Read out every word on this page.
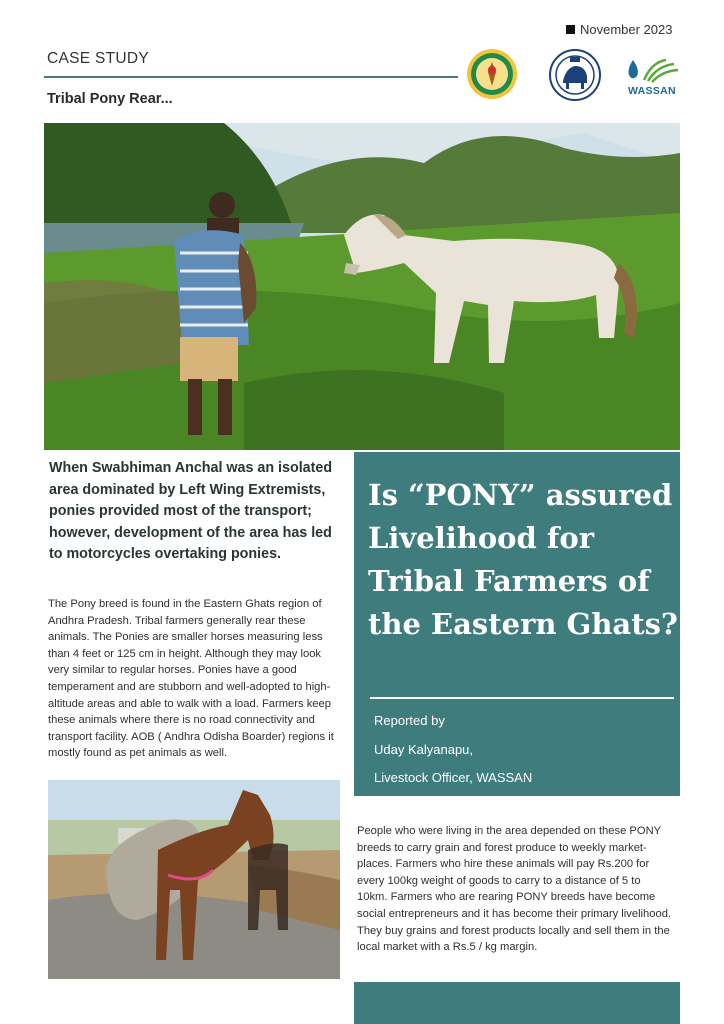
November 2023
CASE STUDY
Tribal Pony Rear...	WASSAN
When Swabhiman Anchal was an isolated area dominated by Left Wing Extremists, ponies provided most of the transport; however, development of the area has led to motorcycles overtaking ponies.
The Pony breed is found in the Eastern Ghats region of Andhra Pradesh. Tribal farmers generally rear these animals. The Ponies are smaller horses measuring less than 4 feet or 125 cm in height. Although they may look very similar to regular horses. Ponies have a good temperament and are stubborn and well-adopted to high-altitude areas and able to walk with a load. Farmers keep these animals where there is no road connectivity and transport facility. AOB ( Andhra Odisha Boarder) regions it mostly found as pet animals as well.
Is “PONY” assured Livelihood for Tribal Farmers of the Eastern Ghats?
Reported by
Uday Kalyanapu,
Livestock Officer, WASSAN
People who were living in the area depended on these PONY breeds to carry grain and forest produce to weekly market-places. Farmers who hire these animals will pay Rs.200 for every 100kg weight of goods to carry to a distance of 5 to 10km. Farmers who are rearing PONY breeds have become social entrepreneurs and it has become their primary livelihood. They buy grains and forest products locally and sell them in the local market with a Rs.5 / kg margin.
